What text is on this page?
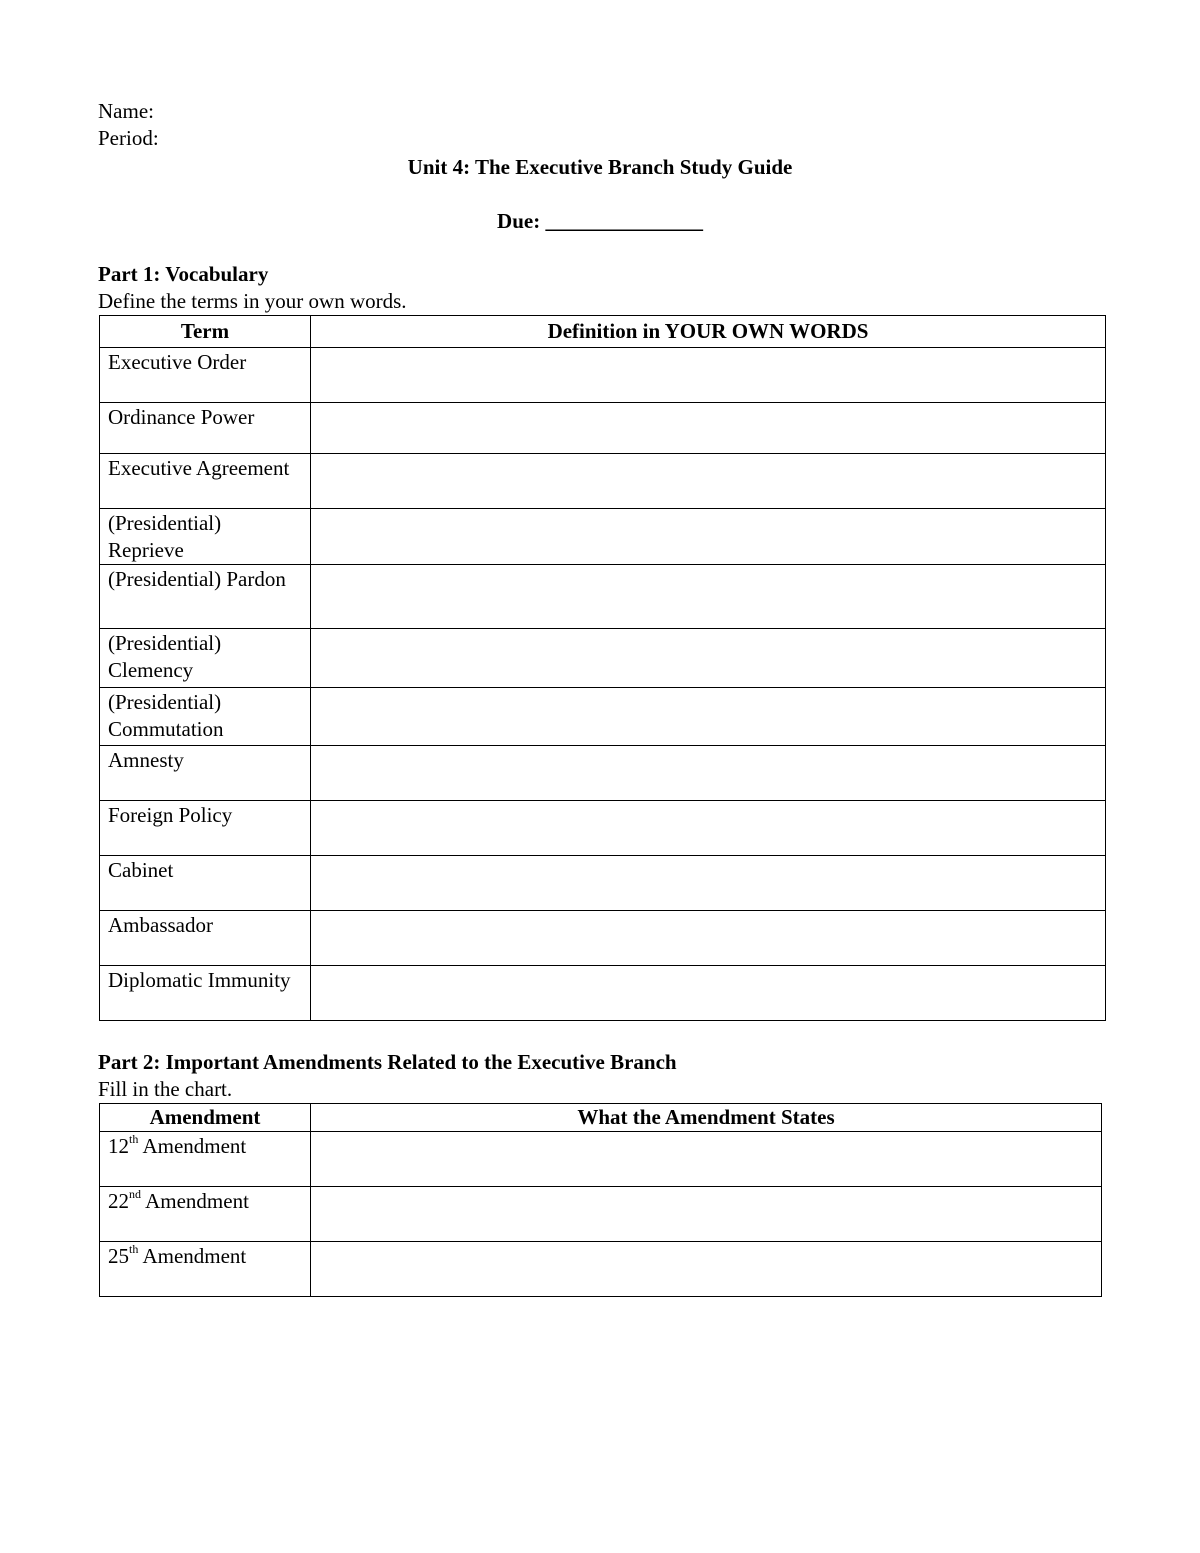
Name:
Period:
Unit 4: The Executive Branch Study Guide
Due: _______________
Part 1: Vocabulary
Define the terms in your own words.
Term	Definition in YOUR OWN WORDS
Executive Order	
Ordinance Power	
Executive Agreement	
(Presidential) Reprieve	
(Presidential) Pardon	
(Presidential) Clemency	
(Presidential) Commutation	
Amnesty	
Foreign Policy	
Cabinet	
Ambassador	
Diplomatic Immunity	
Part 2: Important Amendments Related to the Executive Branch
Fill in the chart.
Amendment	What the Amendment States
12th Amendment	
22nd Amendment	
25th Amendment	
